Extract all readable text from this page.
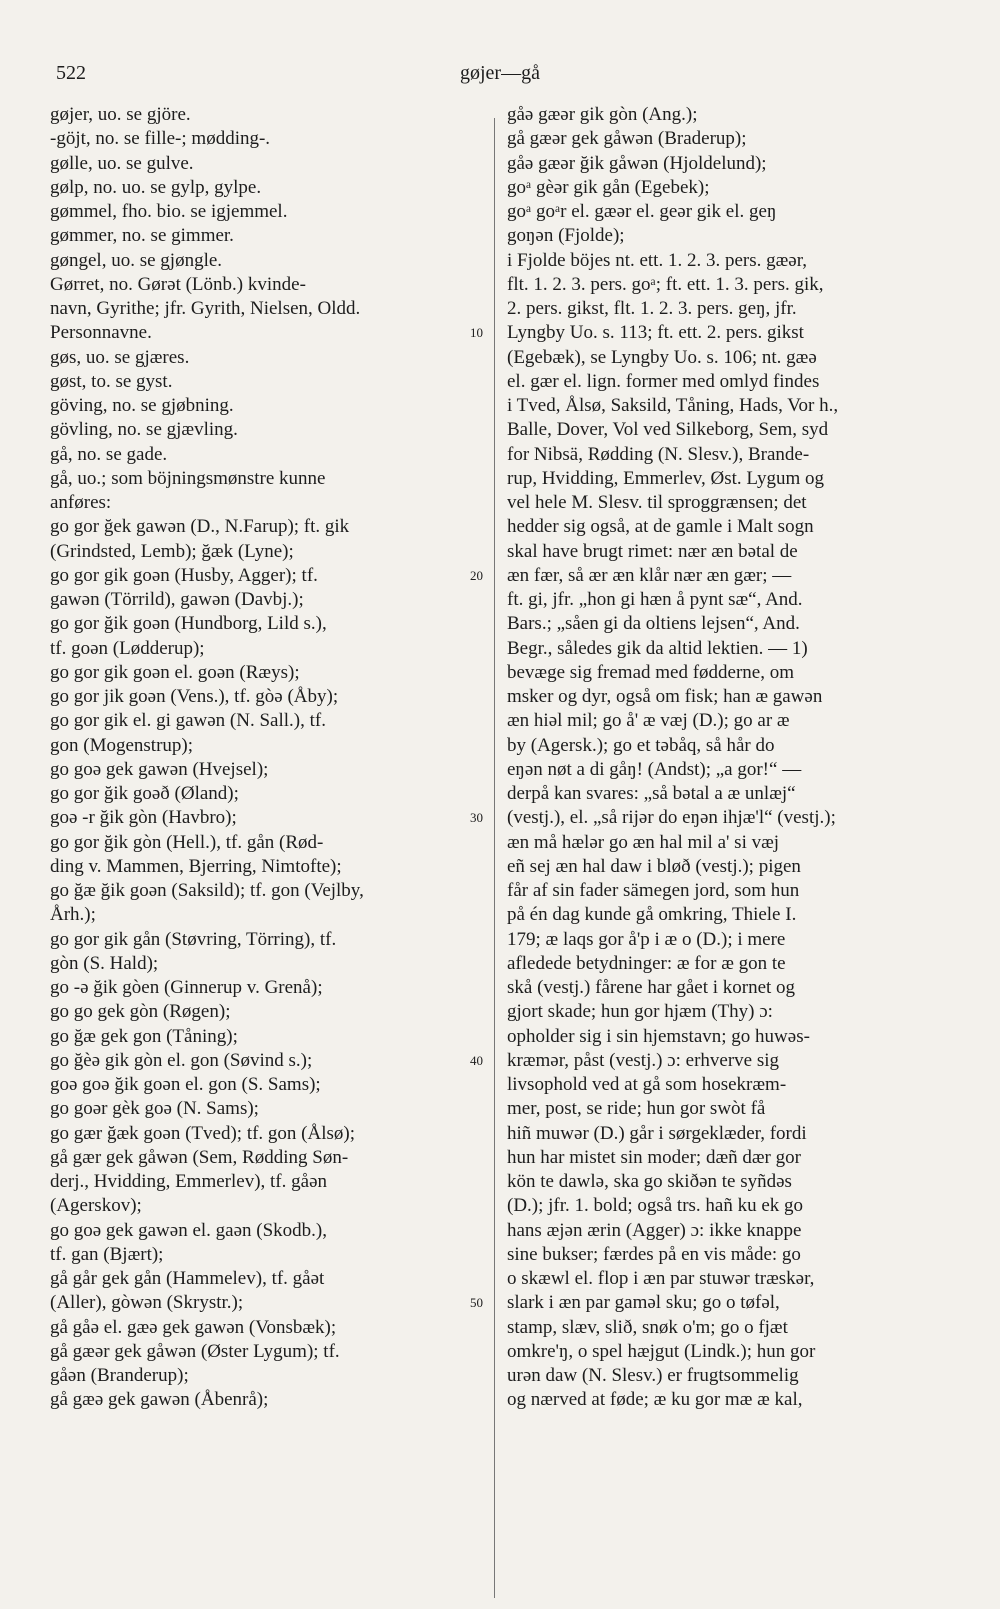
522	gøjer—gå
gøjer, uo. se gjöre.
-göjt, no. se fille-; mødding-.
gølle, uo. se gulve.
gølp, no. uo. se gylp, gylpe.
gømmel, fho. bio. se igjemmel.
gømmer, no. se gimmer.
gøngel, uo. se gjøngle.
Gørret, no. Gørət (Lönb.) kvinde-
navn, Gyrithe; jfr. Gyrith, Nielsen, Oldd.
Personnavne.
gøs, uo. se gjæres.
gøst, to. se gyst.
göving, no. se gjøbning.
gövling, no. se gjævling.
gå, no. se gade.
gå, uo.; som böjningsmønstre kunne
anføres:
go gor ğek gawən (D., N.Farup); ft. gik
(Grindsted, Lemb); ğæk (Lyne);
go gor gik goən (Husby, Agger); tf.
gawən (Törrild), gawən (Davbj.);
go gor ğik goən (Hundborg, Lild s.),
tf. goən (Lødderup);
go gor gik goən el. goən (Ræys);
go gor jik goən (Vens.), tf. gòə (Åby);
go gor gik el. gi gawən (N. Sall.), tf.
gon (Mogenstrup);
go goə gek gawən (Hvejsel);
go gor ğik goəð (Øland);
goə -r ğik gòn (Havbro);
go gor ğik gòn (Hell.), tf. gån (Rød-
ding v. Mammen, Bjerring, Nimtofte);
go ğæ ğik goən (Saksild); tf. gon (Vejlby,
Årh.);
go gor gik gån (Støvring, Törring), tf.
gòn (S. Hald);
go -ə ğik gòen (Ginnerup v. Grenå);
go go gek gòn (Røgen);
go ğæ gek gon (Tåning);
go ğèə gik gòn el. gon (Søvind s.);
goə goə ğik goən el. gon (S. Sams);
go goər gèk goə (N. Sams);
go gær ğæk goən (Tved); tf. gon (Ålsø);
gå gær gek gåwən (Sem, Rødding Søn-
derj., Hvidding, Emmerlev), tf. gåən
(Agerskov);
go goə gek gawən el. gaən (Skodb.),
tf. gan (Bjært);
gå går gek gån (Hammelev), tf. gåət
(Aller), gòwən (Skrystr.);
gå gåə el. gæə gek gawən (Vonsbæk);
gå gæər gek gåwən (Øster Lygum); tf.
gåən (Branderup);
gå gæə gek gawən (Åbenrå);
10
20
30
40
50
gåə gæər gik gòn (Ang.);
gå gæər gek gåwən (Braderup);
gåə gæər ğik gåwən (Hjoldelund);
goᵃ gèər gik gån (Egebek);
goᵃ goᵃr el. gæər el. geər gik el. geŋ
goŋən (Fjolde);
i Fjolde böjes nt. ett. 1. 2. 3. pers. gæər,
flt. 1. 2. 3. pers. goᵃ; ft. ett. 1. 3. pers. gik,
2. pers. gikst, flt. 1. 2. 3. pers. geŋ, jfr.
Lyngby Uo. s. 113; ft. ett. 2. pers. gikst
(Egebæk), se Lyngby Uo. s. 106; nt. gæə
el. gær el. lign. former med omlyd findes
i Tved, Ålsø, Saksild, Tåning, Hads, Vor h.,
Balle, Dover, Vol ved Silkeborg, Sem, syd
for Nibsä, Rødding (N. Slesv.), Brande-
rup, Hvidding, Emmerlev, Øst. Lygum og
vel hele M. Slesv. til sproggrænsen; det
hedder sig også, at de gamle i Malt sogn
skal have brugt rimet: nær æn bətal de
æn fær, så ær æn klår nær æn gær; —
ft. gi, jfr. „hon gi hæn å pynt sæ“, And.
Bars.; „såen gi da oltiens lejsen“, And.
Begr., således gik da altid lektien. — 1)
bevæge sig fremad med fødderne, om
msker og dyr, også om fisk; han æ gawən
æn hiəl mil; go å' æ væj (D.); go ar æ
by (Agersk.); go et təbåq, så hår do
eŋən nøt a di gåŋ! (Andst); „a gor!“ —
derpå kan svares: „så bətal a æ unlæj“
(vestj.), el. „så rijər do eŋən ihjæ'l“ (vestj.);
æn må hælər go æn hal mil a' si væj
eñ sej æn hal daw i bløð (vestj.); pigen
får af sin fader sämegen jord, som hun
på én dag kunde gå omkring, Thiele I.
179; æ laqs gor å'p i æ o (D.); i mere
afledede betydninger: æ for æ gon te
skå (vestj.) fårene har gået i kornet og
gjort skade; hun gor hjæm (Thy) ɔ:
opholder sig i sin hjemstavn; go huwəs-
kræmər, påst (vestj.) ɔ: erhverve sig
livsophold ved at gå som hosekræm-
mer, post, se ride; hun gor swòt få
hiñ muwər (D.) går i sørgeklæder, fordi
hun har mistet sin moder; dæñ dær gor
kön te dawlə, ska go skiðən te syñdəs
(D.); jfr. 1. bold; også trs. hañ ku ek go
hans æjən ærin (Agger) ɔ: ikke knappe
sine bukser; færdes på en vis måde: go
o skæwl el. flop i æn par stuwər træskər,
slark i æn par gaməl sku; go o tøfəl,
stamp, slæv, slið, snøk o'm; go o fjæt
omkre'ŋ, o spel hæjgut (Lindk.); hun gor
urən daw (N. Slesv.) er frugtsommelig
og nærved at føde; æ ku gor mæ æ kal,
